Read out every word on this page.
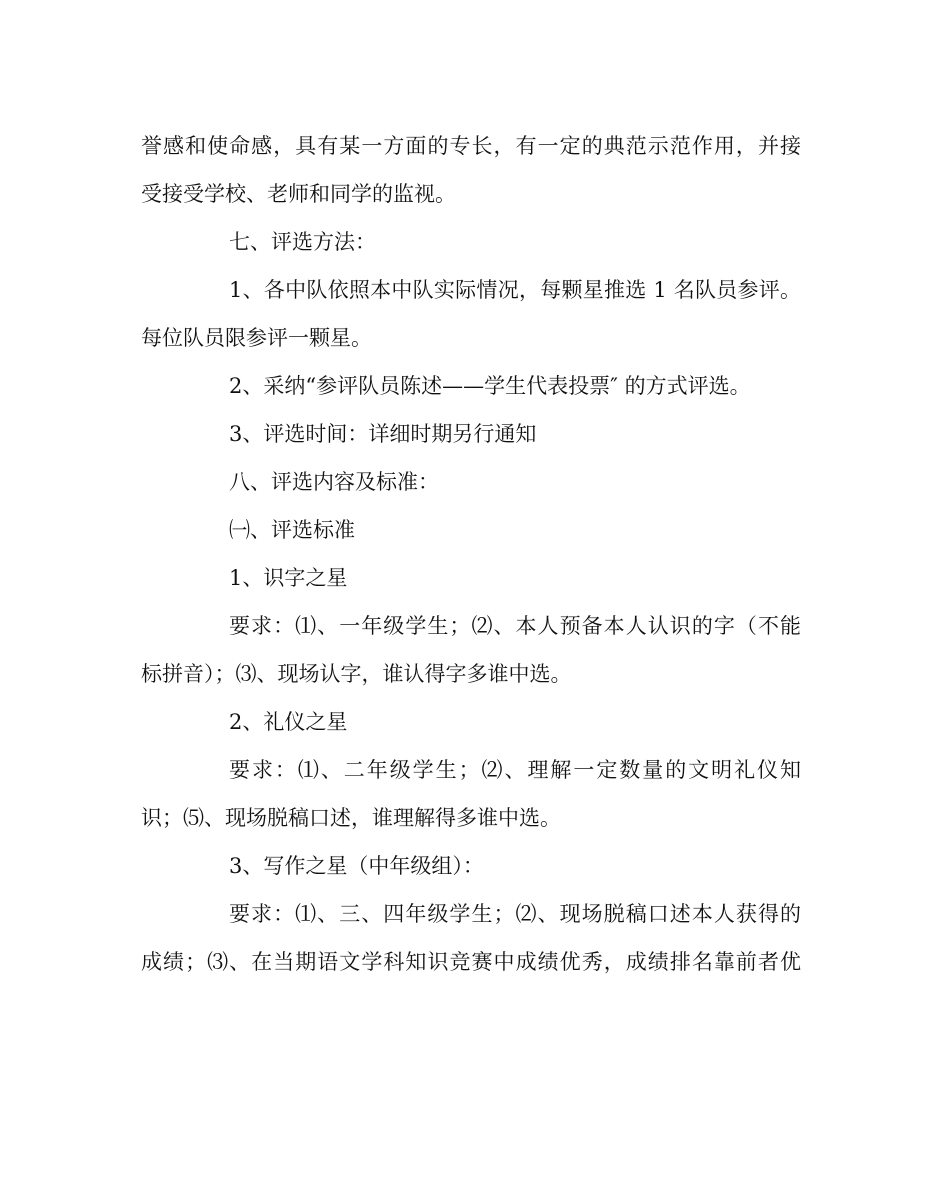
誉感和使命感，具有某一方面的专长，有一定的典范示范作用，并接
受接受学校、老师和同学的监视。
七、评选方法：
1、各中队依照本中队实际情况，每颗星推选 1 名队员参评。
每位队员限参评一颗星。
2、采纳“参评队员陈述——学生代表投票″ 的方式评选。
3、评选时间：详细时期另行通知
八、评选内容及标准：
㈠、评选标准
1、识字之星
要求：⑴、一年级学生；⑵、本人预备本人认识的字（不能
标拼音）；⑶、现场认字，谁认得字多谁中选。
2、礼仪之星
要求：⑴、二年级学生；⑵、理解一定数量的文明礼仪知
识；⑸、现场脱稿口述，谁理解得多谁中选。
3、写作之星（中年级组）：
要求：⑴、三、四年级学生；⑵、现场脱稿口述本人获得的
成绩；⑶、在当期语文学科知识竞赛中成绩优秀，成绩排名靠前者优
